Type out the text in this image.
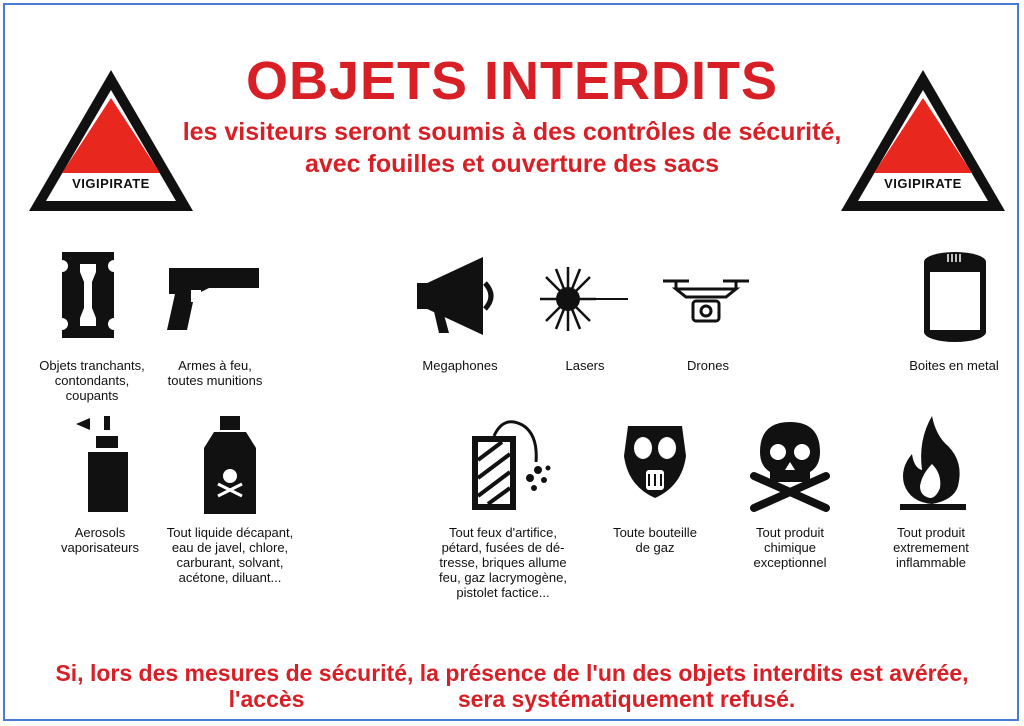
OBJETS INTERDITS
les visiteurs seront soumis à des contrôles de sécurité,
avec fouilles et ouverture des sacs
VIGIPIRATE	VIGIPIRATE
Objets tranchants,
contondants,
coupants
Armes à feu,
toutes munitions
Megaphones	Lasers	Drones	Boites en metal
Aerosols
vaporisateurs
Tout liquide décapant,
eau de javel, chlore,
carburant, solvant,
acétone, diluant...
Tout feux d'artifice,
pétard, fusées de dé-
tresse, briques allume
feu, gaz lacrymogène,
pistolet factice...
Toute bouteille
de gaz
Tout produit
chimique
exceptionnel
Tout produit
extremement
inflammable
Si, lors des mesures de sécurité, la présence de l'un des objets interdits est avérée,
l'accès                        sera systématiquement refusé.
